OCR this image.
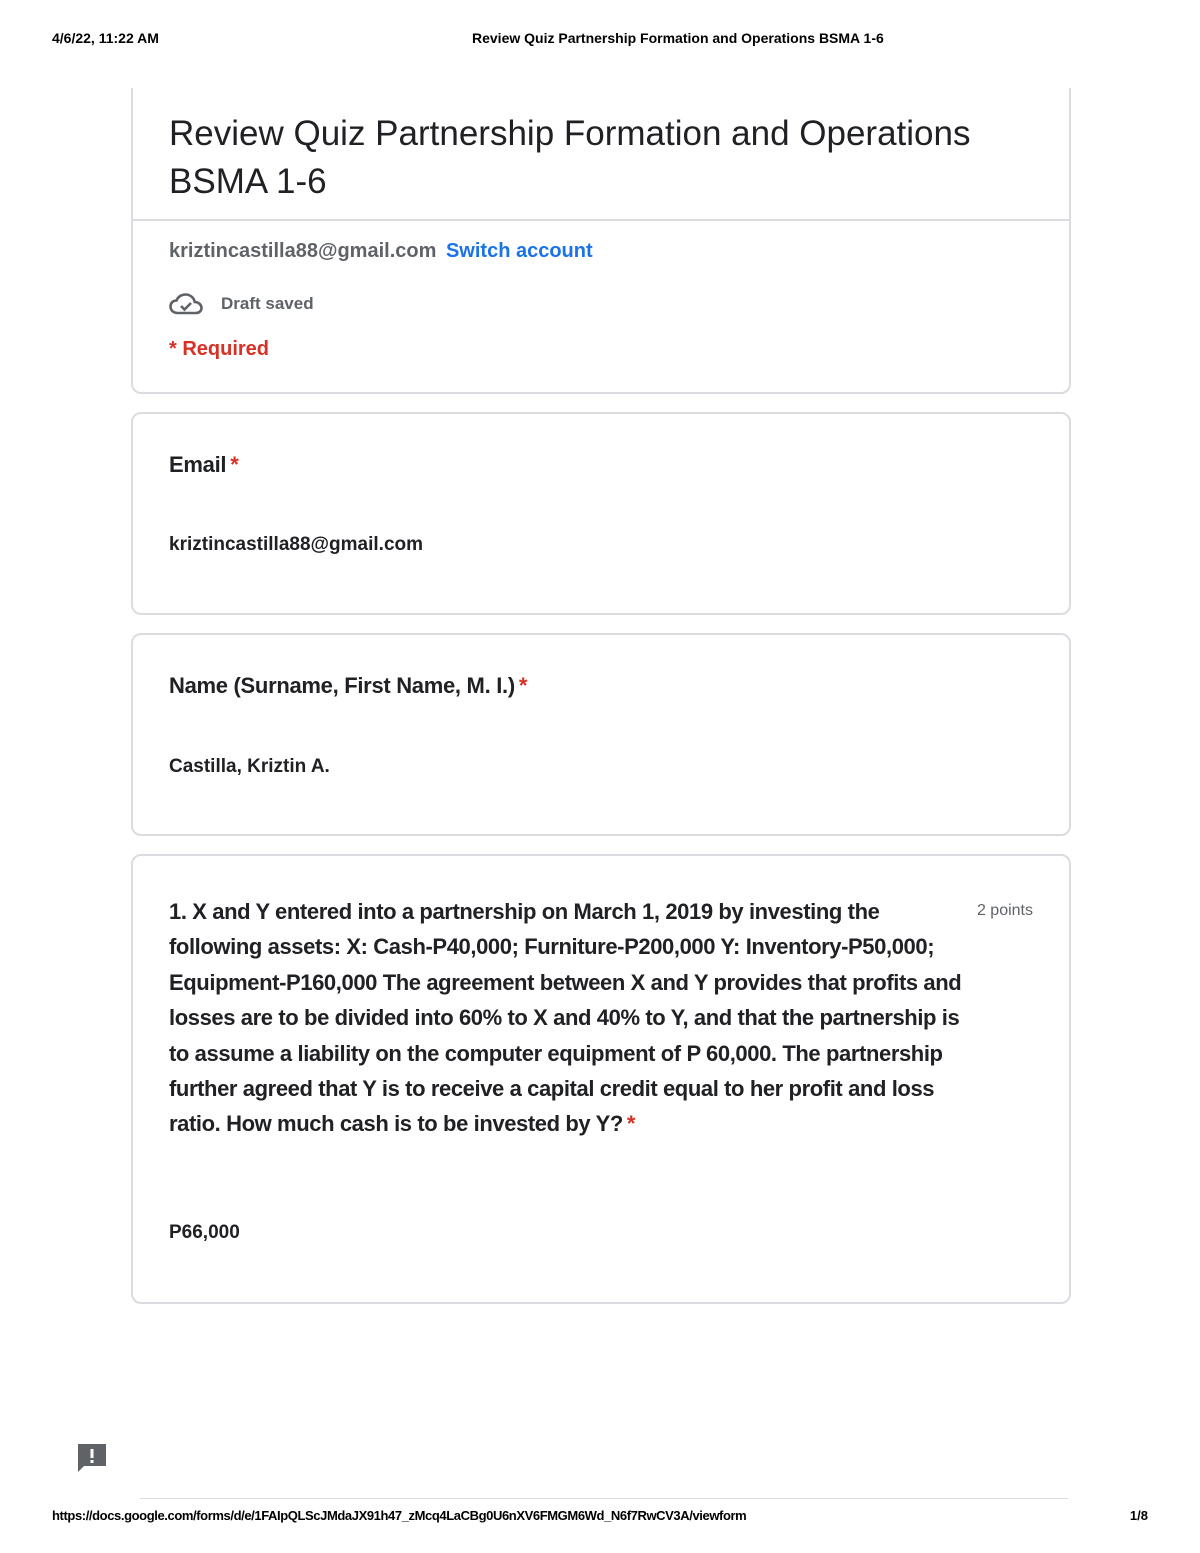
4/6/22, 11:22 AM	Review Quiz Partnership Formation and Operations BSMA 1-6
Review Quiz Partnership Formation and Operations BSMA 1-6
kriztincastilla88@gmail.com Switch account
Draft saved
* Required
Email *
kriztincastilla88@gmail.com
Name (Surname, First Name, M. I.) *
Castilla, Kriztin A.
1. X and Y entered into a partnership on March 1, 2019 by investing the following assets: X: Cash-P40,000; Furniture-P200,000 Y: Inventory-P50,000; Equipment-P160,000 The agreement between X and Y provides that profits and losses are to be divided into 60% to X and 40% to Y, and that the partnership is to assume a liability on the computer equipment of P 60,000. The partnership further agreed that Y is to receive a capital credit equal to her profit and loss ratio. How much cash is to be invested by Y? *
2 points
P66,000
https://docs.google.com/forms/d/e/1FAIpQLScJMdaJX91h47_zMcq4LaCBg0U6nXV6FMGM6Wd_N6f7RwCV3A/viewform	1/8
